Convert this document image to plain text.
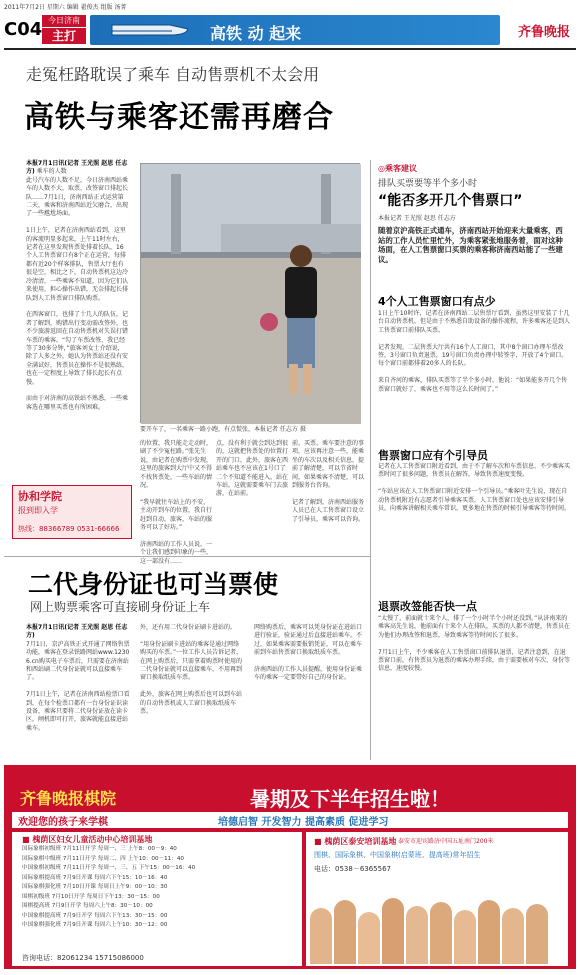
2011年7月2日 星期六 编辑 翟俊杰 组版 汤菁
C04 今日济南
主打	高铁 动 起来	齐鲁晚报
走冤枉路耽误了乘车 自动售票机不太会用
高铁与乘客还需再磨合
本报7月1日讯(记者 王光照 赵思 任志方) 乘车的人数
此号汽车的人数不足，今日济南西站乘车的人数不大，取票、改签窗口排起长队……7月1日，济南西站正式运营第二天，乘客和济南西站近欠磨合，出现了一些尴尬场面。

1日上午，记者在济南西站看到，这里的客流明显多起来，上午11时左右，记者在这里发现售票处排着长队，16个人工售票窗口有8个正在运营，每排都有近20个样客排队，售票大厅也有很是空，相比之下，自动售票机这边冷冷清清，一些乘客不知道，因为它们认来使用，担心操作出错，无奈排起长排队到人工售票窗口排队购票。

在西客窗口，也排了十几人的队伍，记者了解到，购错出行变动需改签外，也不少旅游返回在自动售票机对失误打错车票的乘客。“勾了车票改签，我已经等了30多分钟，”旅客刘女士介绍说，除了人多之外，她认为售票站还没有安全满试好，售票员在操作不是很熟练，也在一定程度上导致了排长起长有点慢。

而由于对济南的高铁站不熟悉，一些乘客选在哪里买票也有所困难。
要开车了，一名乘客一路小跑，有点慌张，本报记者 任志方 摄
的位置，我只能走走动时，刷了不少冤枉路。”张先生说，由记者在购票中发现，这里的旅客到大厅中又不得不找售票处，一些车站的情况。

“我早就往车站上的不安，主动开到车的位置，我自行赶到自动，旅客，车站的服务可以了好坊。”

济南西站的工作人员说，一个让我们感到印象的一些，这一部没有……
点，没有利于就会到达到很的，这就把售票处的位置打开的门口，此外，旅客在西站乘车也不应该在1号口了二个不知道不能进入，站在车站。这就需要乘车门去旅游，在站前。
前，买票、乘车要注意的事项，应该再注意一些，能乘坐的车次以及相关信息，提前了解清楚，可以节省时间，如果乘客不清楚，可以到服务台咨询。

记者了解到，济南西站服务人员已在人工售票窗口设立了引导员，乘客可以咨询。
协和学院
报到即入学
热线：88366789 0531-66666
◎乘客建议
排队买票要等半个多小时
“能否多开几个售票口”
本报记者 王光照 赵思 任志方
随着京沪高铁正式通车，济南西站开始迎来大量乘客，西站的工作人员忙里忙外，为乘客紧张地服务着，面对这种场面，在人工售票窗口买票的乘客称济南西站能了一些建议。
4个人工售票窗口有点少
1日上午10时许，记者在济南西站二层售票厅看到，虽然这里安装了十几台自动售票机，但是由于不熟悉自助设备的操作流程，许多乘客还是到人工售票窗口前排队买票。

记者发现，二层售票大厅共有16个人工窗口，其中8个窗口办理车票改签，3号窗口负责退票，19号窗口负责办理中转签字，开放了4个窗口。每个窗口前都排着20多人的长队。

来自齐河的乘客，排队买票等了半个多小时，他说：“如果能多开几个售票窗口就好了，乘客也不用等这么长时间了。”
售票窗口应有个引导员
记者在人工售票窗口附近看到，由于不了解车次和车票信息，不少乘客买票时问了很多问题，售票员在解答，导致售票速度变慢。

“车站应该在人工售票窗口附近安排一个引导员。”乘客叶先生说，现在自动售票机附近有志愿者引导乘客买票，人工售票窗口处也应该安排引导员，向乘客讲解相关乘车常识，更多地在售票的时候引导乘客等待时间。
退票改签能否快一点
“太慢了，前面就十来个人，排了一个小时半个小时还没到。”从济南来的乘客高先生说，他前面有十来个人在排队，买票的人都不清楚，售票员在为他们办理改签和退票，导致乘客等待时间长了很多。

7月1日上午，不少乘客在人工售票窗口前排队退票，记者注意到，在退票窗口前，有售票员为退票的乘客办理手续，由于需要核对车次、身份等信息，速度较慢。
二代身份证也可当票使
网上购票乘客可直接刷身份证上车
本报7月1日讯(记者 王光照 赵思 任志方)
7月1日，京沪高铁正式开通了网络售票功能，乘客在登录铁路网站www.12306.cn购买电子车票后，只需要在济南站和西站刷二代身份证就可以直接乘车了。

7月1日上午，记者在济南西站检票口看到，在每个检票口都有一台身份证识读设备，乘客只要将二代身份证放在读卡区，闸机即可打开，旅客就能直接进站乘车。
外，还有用二代身份证刷卡进站的。

“用身份证刷卡进站的乘客是通过网络购买的车票。”一位工作人员告诉记者，在网上购票后，只需拿着购票时使用的二代身份证就可以直接乘车，不用再到窗口换取纸质车票。

此外，旅客在网上购票后也可以到车站的自动售票机或人工窗口换取纸质车票。
网络购票后，乘客可以凭身份证在进站口进行验证，验证通过后直接进站乘车。不过，如果乘客需要报销凭证，可以在乘车前到车站售票窗口换取纸质车票。

济南西站的工作人员提醒，使用身份证乘车的乘客一定要带好自己的身份证。
齐鲁晚报棋院	暑期及下半年招生啦！
欢迎您的孩子来学棋	培德启智 开发智力 提高素质 促进学习
■ 槐荫区妇女儿童活动中心培训基地
国际象棋初级班 7月11日开学 每周一、三 上午8：00－9：40
国际象棋中级班 7月11日开学 每周二、四 上午10：00－11：40
中国象棋初级班 7月11日开学 每周一、三、五 下午15：00－16：40
国际象棋提高班 7月9日开课 每周六下午15：10－16：40
国际象棋强化班 7月10日开课 每周日上午9：00－10：30
围棋初级班 7月10日开学 每周日下午13：30－15：00
围棋提高班 7月9日开学 每周六上午8：30－10：00
中国象棋提高班 7月9日开学 每周六下午13：30－15：00
中国象棋强化班 7月9日开课 每周六上午10：30－12：00
咨询电话：82061234 15715086000
■ 槐荫区泰安培训基地 泰安市迎宾路济中国五址南门200米
围棋、国际象棋、中国象棋(启蒙班、提高班)常年招生
电话：0538－6365567
